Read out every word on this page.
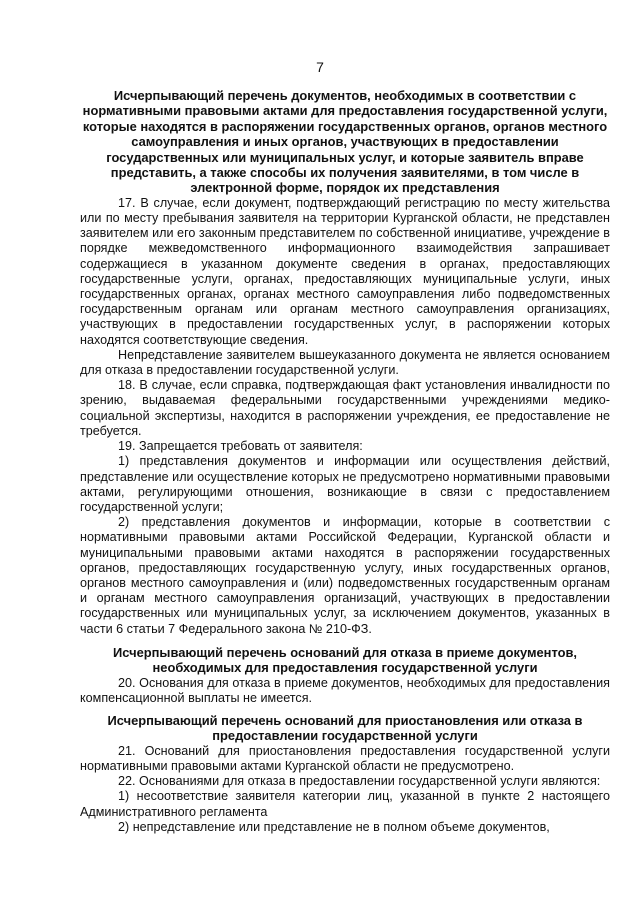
7

Исчерпывающий перечень документов, необходимых в соответствии с нормативными правовыми актами для предоставления государственной услуги, которые находятся в распоряжении государственных органов, органов местного самоуправления и иных органов, участвующих в предоставлении государственных или муниципальных услуг, и которые заявитель вправе представить, а также способы их получения заявителями, в том числе в электронной форме, порядок их представления

17. В случае, если документ, подтверждающий регистрацию по месту жительства или по месту пребывания заявителя на территории Курганской области, не представлен заявителем или его законным представителем по собственной инициативе, учреждение в порядке межведомственного информационного взаимодействия запрашивает содержащиеся в указанном документе сведения в органах, предоставляющих государственные услуги, органах, предоставляющих муниципальные услуги, иных государственных органах, органах местного самоуправления либо подведомственных государственным органам или органам местного самоуправления организациях, участвующих в предоставлении государственных услуг, в распоряжении которых находятся соответствующие сведения.

Непредставление заявителем вышеуказанного документа не является основанием для отказа в предоставлении государственной услуги.

18. В случае, если справка, подтверждающая факт установления инвалидности по зрению, выдаваемая федеральными государственными учреждениями медико-социальной экспертизы, находится в распоряжении учреждения, ее предоставление не требуется.

19. Запрещается требовать от заявителя:

1) представления документов и информации или осуществления действий, представление или осуществление которых не предусмотрено нормативными правовыми актами, регулирующими отношения, возникающие в связи с предоставлением государственной услуги;

2) представления документов и информации, которые в соответствии с нормативными правовыми актами Российской Федерации, Курганской области и муниципальными правовыми актами находятся в распоряжении государственных органов, предоставляющих государственную услугу, иных государственных органов, органов местного самоуправления и (или) подведомственных государственным органам и органам местного самоуправления организаций, участвующих в предоставлении государственных или муниципальных услуг, за исключением документов, указанных в части 6 статьи 7 Федерального закона № 210-ФЗ.

Исчерпывающий перечень оснований для отказа в приеме документов, необходимых для предоставления государственной услуги

20. Основания для отказа в приеме документов, необходимых для предоставления компенсационной выплаты не имеется.

Исчерпывающий перечень оснований для приостановления или отказа в предоставлении государственной услуги

21. Оснований для приостановления предоставления государственной услуги нормативными правовыми актами Курганской области не предусмотрено.

22. Основаниями для отказа в предоставлении государственной услуги являются:

1) несоответствие заявителя категории лиц, указанной в пункте 2 настоящего Административного регламента

2) непредставление или представление не в полном объеме документов,
